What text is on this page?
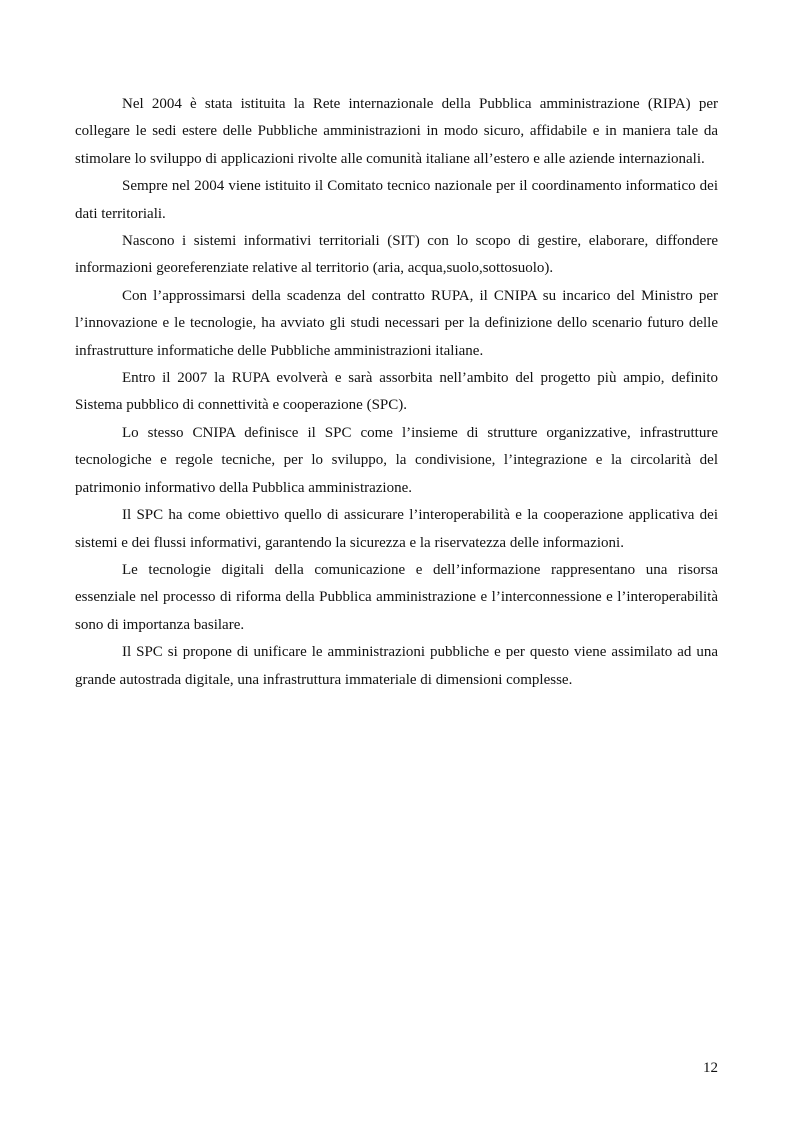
Nel 2004 è stata istituita la Rete internazionale della Pubblica amministrazione (RIPA) per collegare le sedi estere delle Pubbliche amministrazioni in modo sicuro, affidabile e in maniera tale da stimolare lo sviluppo di applicazioni rivolte alle comunità italiane all’estero e alle aziende internazionali.

Sempre nel 2004 viene istituito il Comitato tecnico nazionale per il coordinamento informatico dei dati territoriali.

Nascono i sistemi informativi territoriali (SIT) con lo scopo di gestire, elaborare, diffondere informazioni georeferenziate relative al territorio (aria, acqua,suolo,sottosuolo).

Con l’approssimarsi della scadenza del contratto RUPA, il CNIPA su incarico del Ministro per l’innovazione e le tecnologie, ha avviato gli studi necessari per la definizione dello scenario futuro delle infrastrutture informatiche delle Pubbliche amministrazioni italiane.

Entro il 2007 la RUPA evolverà e sarà assorbita nell’ambito del progetto più ampio, definito Sistema pubblico di connettività e cooperazione (SPC).

Lo stesso CNIPA definisce il SPC come l’insieme di strutture organizzative, infrastrutture tecnologiche e regole tecniche, per lo sviluppo, la condivisione, l’integrazione e la circolarità del patrimonio informativo della Pubblica amministrazione.

Il SPC ha come obiettivo quello di assicurare l’interoperabilità e la cooperazione applicativa dei sistemi e dei flussi informativi, garantendo la sicurezza e la riservatezza delle informazioni.

Le tecnologie digitali della comunicazione e dell’informazione rappresentano una risorsa essenziale nel processo di riforma della Pubblica amministrazione e l’interconnessione e l’interoperabilità sono di importanza basilare.

Il SPC si propone di unificare le amministrazioni pubbliche e per questo viene assimilato ad una grande autostrada digitale, una infrastruttura immateriale di dimensioni complesse.

12
